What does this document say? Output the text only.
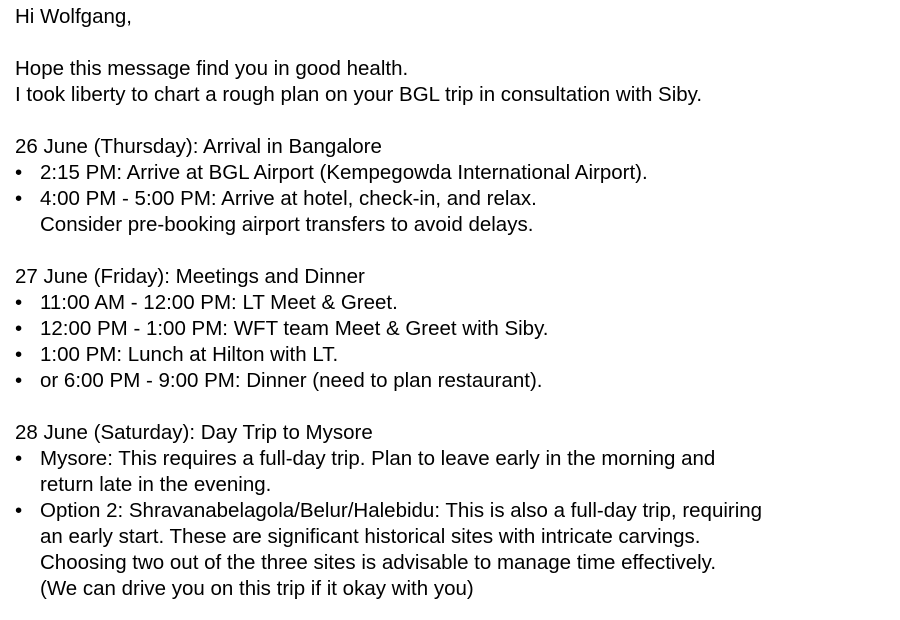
Hi Wolfgang,

Hope this message find you in good health.

I took liberty to chart a rough plan on your BGL trip in consultation with Siby.

26 June (Thursday): Arrival in Bangalore

• 2:15 PM: Arrive at BGL Airport (Kempegowda International Airport).

• 4:00 PM - 5:00 PM: Arrive at hotel, check-in, and relax.

Consider pre-booking airport transfers to avoid delays.

27 June (Friday): Meetings and Dinner

• 11:00 AM - 12:00 PM: LT Meet & Greet.

• 12:00 PM - 1:00 PM: WFT team Meet & Greet with Siby.

• 1:00 PM: Lunch at Hilton with LT.

• or 6:00 PM - 9:00 PM: Dinner (need to plan restaurant).

28 June (Saturday): Day Trip to Mysore

• Mysore: This requires a full-day trip. Plan to leave early in the morning and

return late in the evening.

• Option 2: Shravanabelagola/Belur/Halebidu: This is also a full-day trip, requiring

an early start. These are significant historical sites with intricate carvings.

Choosing two out of the three sites is advisable to manage time effectively.

(We can drive you on this trip if it okay with you)
